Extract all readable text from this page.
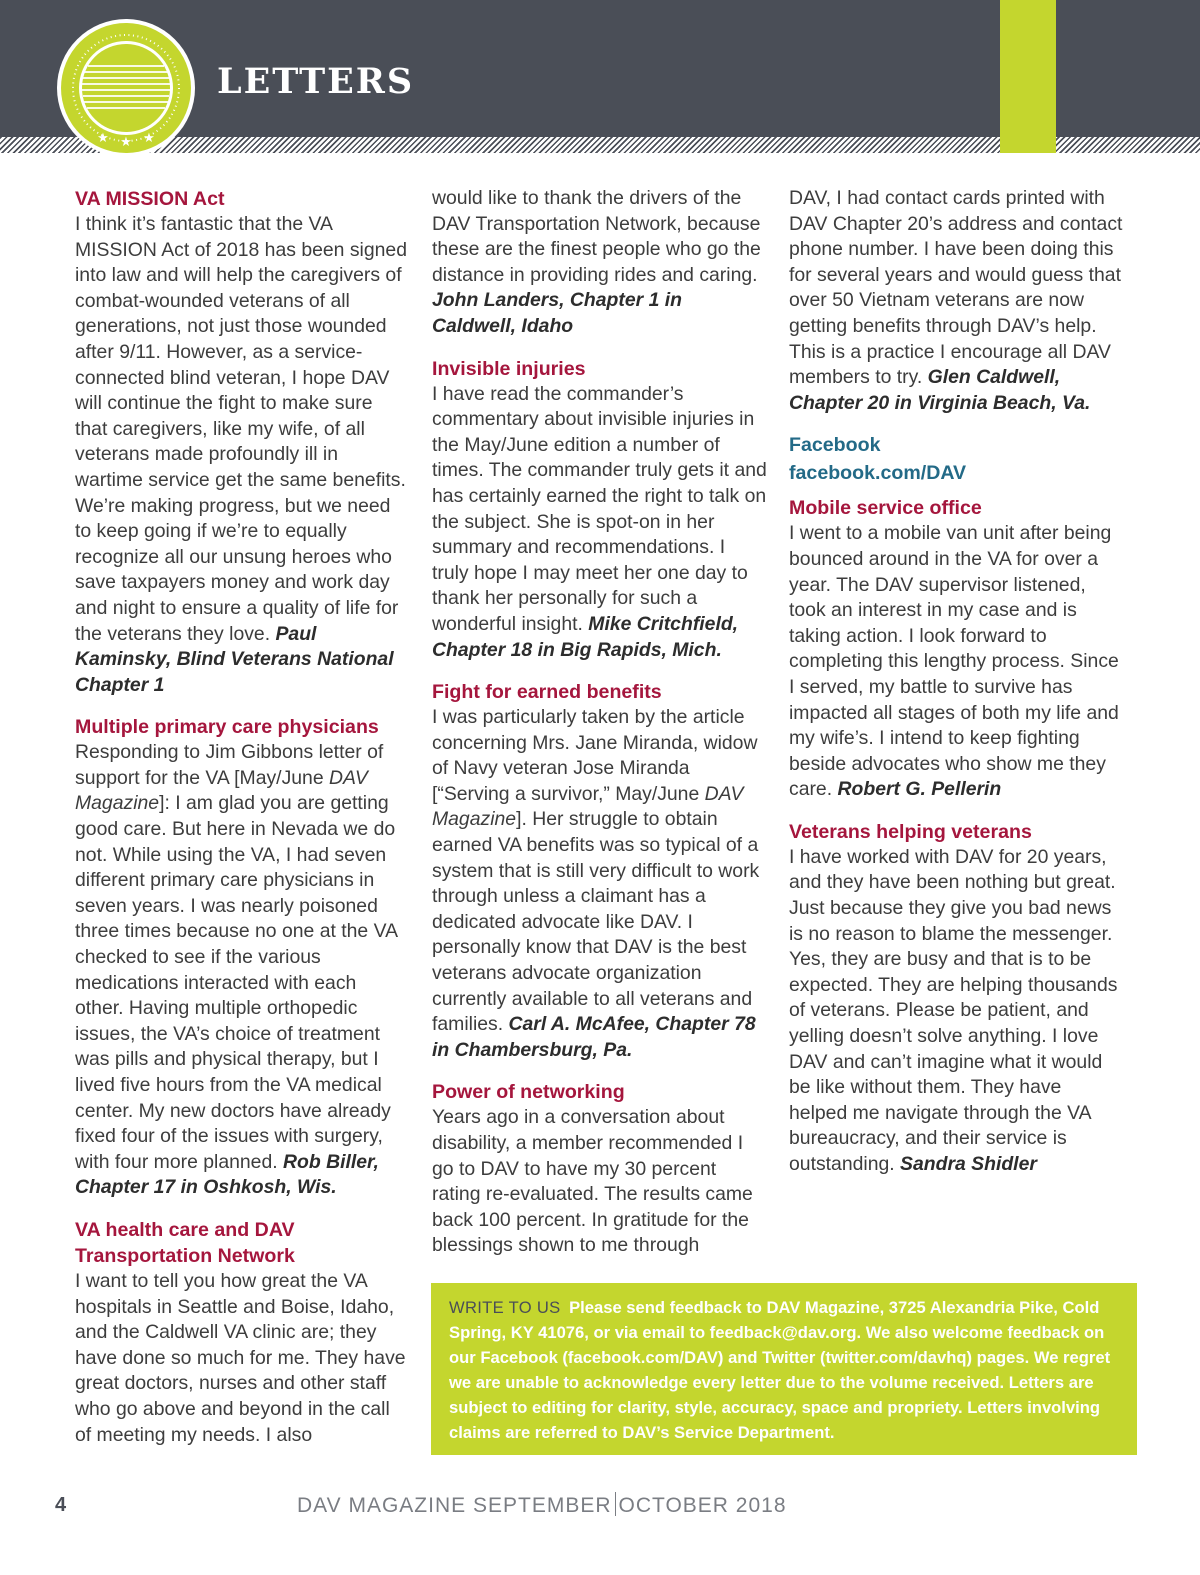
★ ★ ★
LETTERS

VA MISSION Act
I think it’s fantastic that the VA MISSION Act of 2018 has been signed into law and will help the caregivers of combat-wounded veterans of all generations, not just those wounded after 9/11. However, as a service-connected blind veteran, I hope DAV will continue the fight to make sure that caregivers, like my wife, of all veterans made profoundly ill in wartime service get the same benefits. We’re making progress, but we need to keep going if we’re to equally recognize all our unsung heroes who save taxpayers money and work day and night to ensure a quality of life for the veterans they love. Paul Kaminsky, Blind Veterans National Chapter 1

Multiple primary care physicians
Responding to Jim Gibbons letter of support for the VA [May/June DAV Magazine]: I am glad you are getting good care. But here in Nevada we do not. While using the VA, I had seven different primary care physicians in seven years. I was nearly poisoned three times because no one at the VA checked to see if the various medications interacted with each other. Having multiple orthopedic issues, the VA’s choice of treatment was pills and physical therapy, but I lived five hours from the VA medical center. My new doctors have already fixed four of the issues with surgery, with four more planned. Rob Biller, Chapter 17 in Oshkosh, Wis.

VA health care and DAV Transportation Network
I want to tell you how great the VA hospitals in Seattle and Boise, Idaho, and the Caldwell VA clinic are; they have done so much for me. They have great doctors, nurses and other staff who go above and beyond in the call of meeting my needs. I also

would like to thank the drivers of the DAV Transportation Network, because these are the finest people who go the distance in providing rides and caring. John Landers, Chapter 1 in Caldwell, Idaho

Invisible injuries
I have read the commander’s commentary about invisible injuries in the May/June edition a number of times. The commander truly gets it and has certainly earned the right to talk on the subject. She is spot-on in her summary and recommendations. I truly hope I may meet her one day to thank her personally for such a wonderful insight. Mike Critchfield, Chapter 18 in Big Rapids, Mich.

Fight for earned benefits
I was particularly taken by the article concerning Mrs. Jane Miranda, widow of Navy veteran Jose Miranda [“Serving a survivor,” May/June DAV Magazine]. Her struggle to obtain earned VA benefits was so typical of a system that is still very difficult to work through unless a claimant has a dedicated advocate like DAV. I personally know that DAV is the best veterans advocate organization currently available to all veterans and families. Carl A. McAfee, Chapter 78 in Chambersburg, Pa.

Power of networking
Years ago in a conversation about disability, a member recommended I go to DAV to have my 30 percent rating re-evaluated. The results came back 100 percent. In gratitude for the blessings shown to me through

DAV, I had contact cards printed with DAV Chapter 20’s address and contact phone number. I have been doing this for several years and would guess that over 50 Vietnam veterans are now getting benefits through DAV’s help. This is a practice I encourage all DAV members to try. Glen Caldwell, Chapter 20 in Virginia Beach, Va.

Facebook
facebook.com/DAV

Mobile service office
I went to a mobile van unit after being bounced around in the VA for over a year. The DAV supervisor listened, took an interest in my case and is taking action. I look forward to completing this lengthy process. Since I served, my battle to survive has impacted all stages of both my life and my wife’s. I intend to keep fighting beside advocates who show me they care. Robert G. Pellerin

Veterans helping veterans
I have worked with DAV for 20 years, and they have been nothing but great. Just because they give you bad news is no reason to blame the messenger. Yes, they are busy and that is to be expected. They are helping thousands of veterans. Please be patient, and yelling doesn’t solve anything. I love DAV and can’t imagine what it would be like without them. They have helped me navigate through the VA bureaucracy, and their service is outstanding. Sandra Shidler

WRITE TO US Please send feedback to DAV Magazine, 3725 Alexandria Pike, Cold Spring, KY 41076, or via email to feedback@dav.org. We also welcome feedback on our Facebook (facebook.com/DAV) and Twitter (twitter.com/davhq) pages. We regret we are unable to acknowledge every letter due to the volume received. Letters are subject to editing for clarity, style, accuracy, space and propriety. Letters involving claims are referred to DAV’s Service Department.
4	DAV MAGAZINE SEPTEMBER OCTOBER 2018
